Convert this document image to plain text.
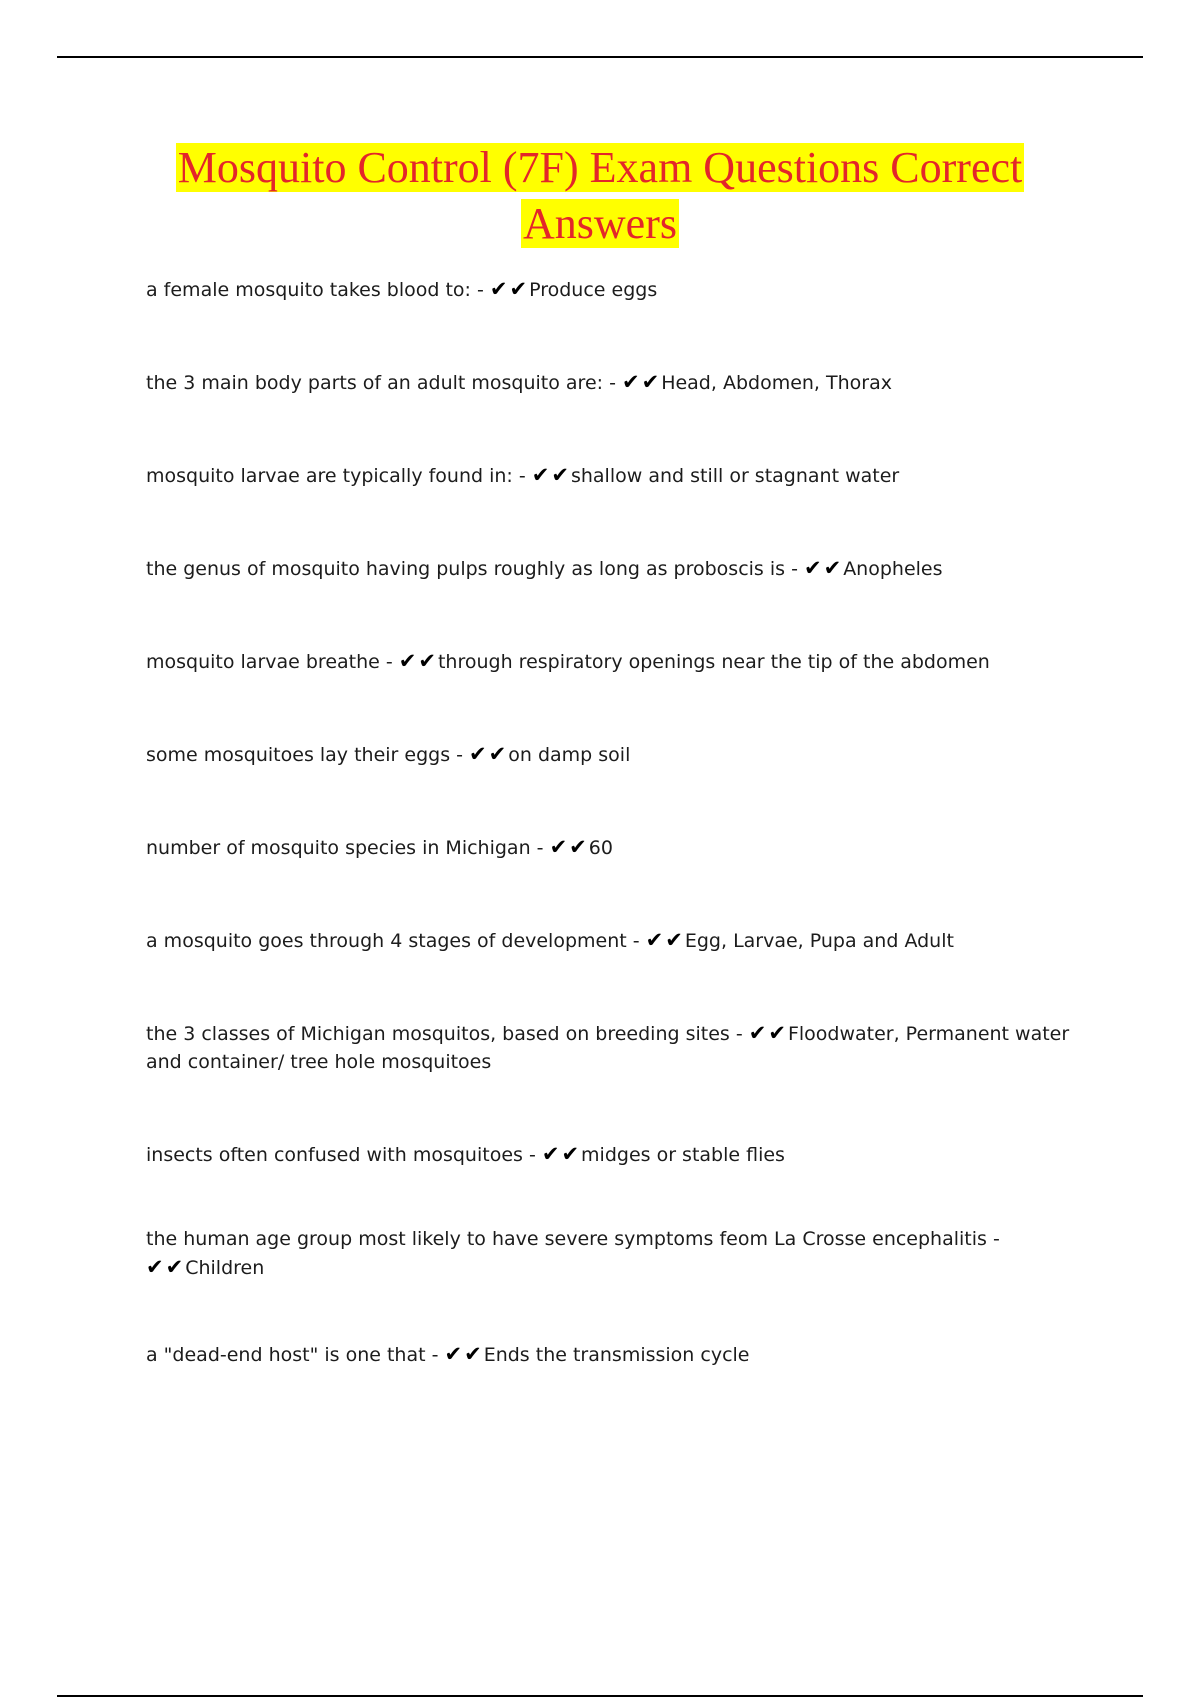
Mosquito Control (7F) Exam Questions Correct Answers
a female mosquito takes blood to: - ✔✔Produce eggs
the 3 main body parts of an adult mosquito are: - ✔✔Head, Abdomen, Thorax
mosquito larvae are typically found in: - ✔✔shallow and still or stagnant water
the genus of mosquito having pulps roughly as long as proboscis is - ✔✔Anopheles
mosquito larvae breathe - ✔✔through respiratory openings near the tip of the abdomen
some mosquitoes lay their eggs - ✔✔on damp soil
number of mosquito species in Michigan - ✔✔60
a mosquito goes through 4 stages of development - ✔✔Egg, Larvae, Pupa and Adult
the 3 classes of Michigan mosquitos, based on breeding sites - ✔✔Floodwater, Permanent water and container/ tree hole mosquitoes
insects often confused with mosquitoes - ✔✔midges or stable flies
the human age group most likely to have severe symptoms feom La Crosse encephalitis - ✔✔Children
a "dead-end host" is one that - ✔✔Ends the transmission cycle
